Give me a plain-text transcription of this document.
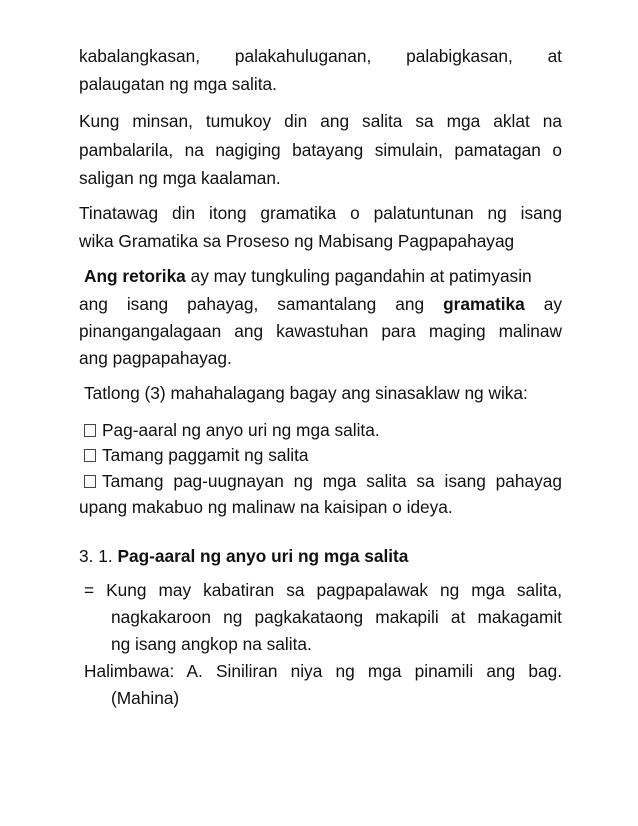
kabalangkasan, palakahuluganan, palabigkasan, at
palaugatan ng mga salita.
Kung minsan, tumukoy din ang salita sa mga aklat na
pambalarila, na nagiging batayang simulain, pamatagan o
saligan ng mga kaalaman.
Tinatawag din itong gramatika o palatuntunan ng isang
wika Gramatika sa Proseso ng Mabisang Pagpapahayag
Ang retorika ay may tungkuling pagandahin at patimyasin
ang isang pahayag, samantalang ang gramatika ay
pinangangalagaan ang kawastuhan para maging malinaw
ang pagpapahayag.
Tatlong (3) mahahalagang bagay ang sinasaklaw ng wika:
Pag-aaral ng anyo uri ng mga salita.
Tamang paggamit ng salita
Tamang pag-uugnayan ng mga salita sa isang pahayag
upang makabuo ng malinaw na kaisipan o ideya.
3. 1. Pag-aaral ng anyo uri ng mga salita
= Kung may kabatiran sa pagpapalawak ng mga salita,
nagkakaroon ng pagkakataong makapili at makagamit
ng isang angkop na salita.
Halimbawa: A. Siniliran niya ng mga pinamili ang bag.
(Mahina)
